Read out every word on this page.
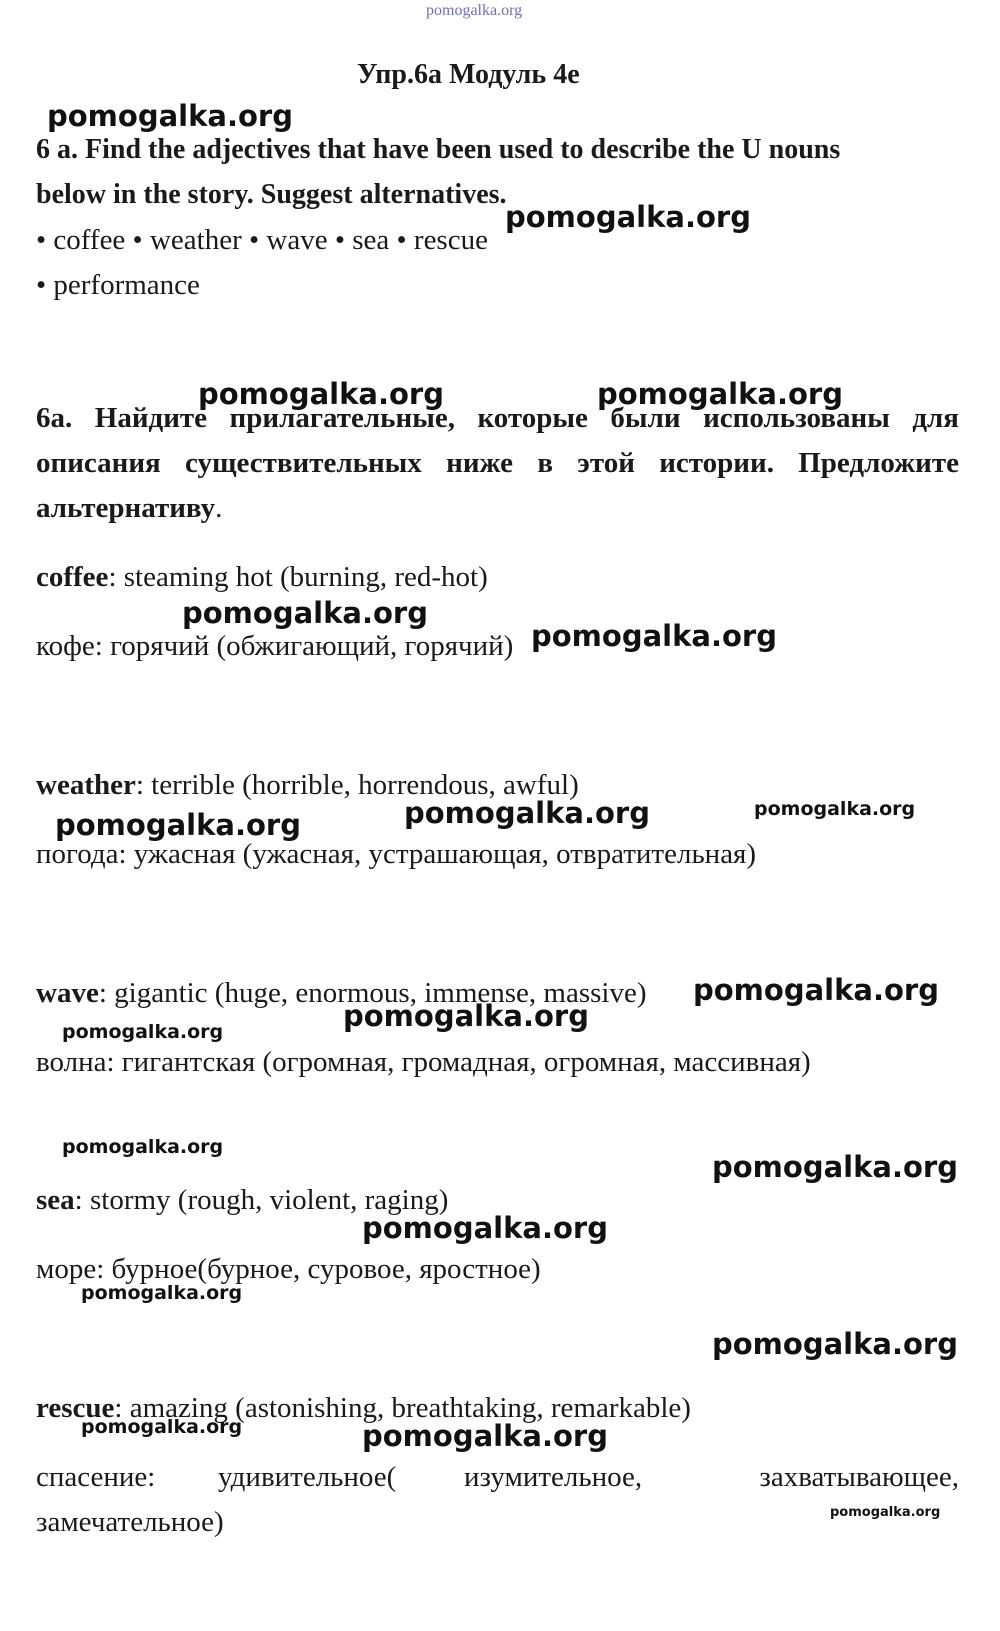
pomogalka.org
Упр.6а Модуль 4е
6 a. Find the adjectives that have been used to describe the U nouns
below in the story. Suggest alternatives.
• coffee • weather • wave • sea • rescue
• performance
6а. Найдите прилагательные, которые были использованы для
описания существительных ниже в этой истории. Предложите
альтернативу.
coffee: steaming hot (burning, red-hot)
кофе: горячий (обжигающий, горячий)
weather: terrible (horrible, horrendous, awful)
погода: ужасная (ужасная, устрашающая, отвратительная)
wave: gigantic (huge, enormous, immense, massive)
волна: гигантская (огромная, громадная, огромная, массивная)
sea: stormy (rough, violent, raging)
море: бурное(бурное, суровое, яростное)
rescue: amazing (astonishing, breathtaking, remarkable)
спасение: удивительное( изумительное,	захватывающее,
замечательное)
pomogalka.org
pomogalka.org
pomogalka.org	pomogalka.org
pomogalka.org
pomogalka.org
pomogalka.org	pomogalka.org
pomogalka.org
pomogalka.org
pomogalka.org
pomogalka.org
pomogalka.org
pomogalka.org
pomogalka.org
pomogalka.org
pomogalka.org
pomogalka.org	pomogalka.org
pomogalka.org
